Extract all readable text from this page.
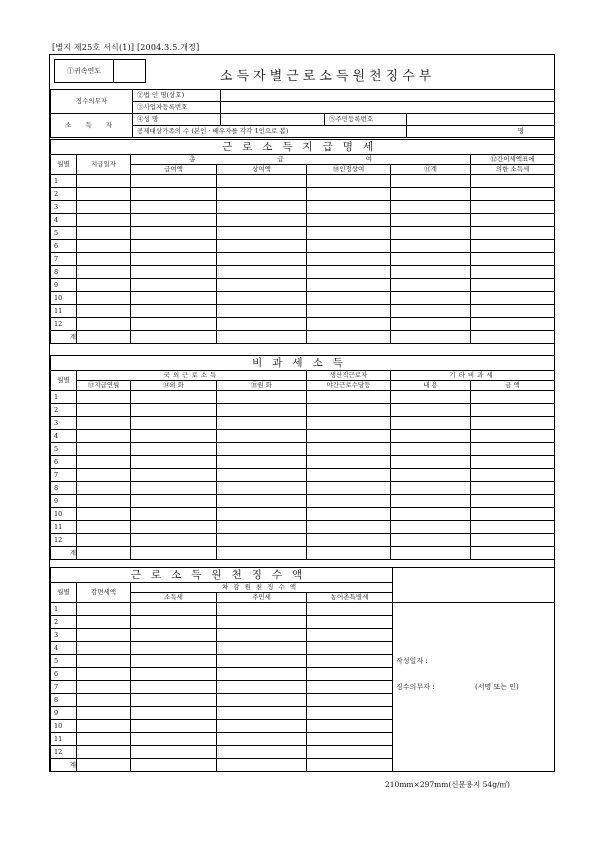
[별지 제25호 서식(1)] [2004.3.5.개정]
①귀속연도	소득자별근로소득원천징수부
징수의무자	②법 인 명(상호)			
	③사업자등록번호			
소 득 자	④성 명		⑤주민등록번호	
	공제대상가족의 수 (본인 · 배우자를 각각 1인으로 봄)			명
근로소득지급명세						
월별	지급일자	총 급 여				⑫간이세액표에
		급여액	상여액	⑩인정상여	⑪계	의한 소득세
1						
2						
3						
4						
5						
6						
7						
8						
9						
10						
11						
12						
계						
비과세소득						
월별	국외근로소득			생산직근로자	기타비과세	
	⑬지급연월	⑭외 화	⑮원 화	야간근로수당등	내 용	금 액
1						
2						
3						
4						
5						
6						
7						
8						
9						
10						
11						
12						
계						
근로소득원천징수액					작성일자 :
징수의무자 : (서명 또는 인)

월별	감면세액	차감원천징수액			
		소득세	주민세	농어촌특별세	
1					
2					
3					
4					
5					
6					
7					
8					
9					
10					
11					
12					
계					
210mm×297mm(신문용지 54g/㎡)
